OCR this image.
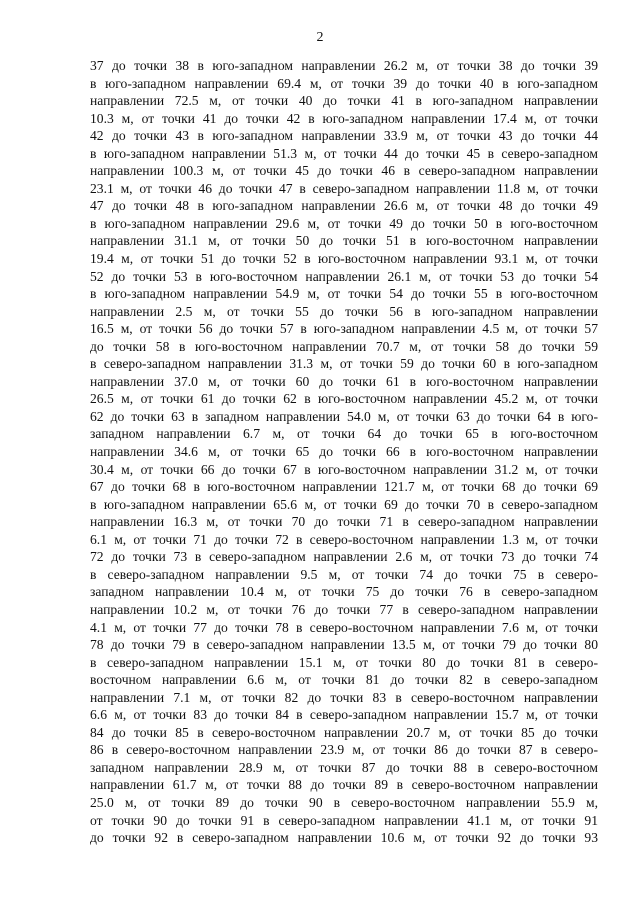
2
37 до точки 38 в юго-западном направлении 26.2 м, от точки 38 до точки 39
в юго-западном направлении 69.4 м, от точки 39 до точки 40 в юго-западном
направлении 72.5 м, от точки 40 до точки 41 в юго-западном направлении
10.3 м, от точки 41 до точки 42 в юго-западном направлении 17.4 м, от точки
42 до точки 43 в юго-западном направлении 33.9 м, от точки 43 до точки 44
в юго-западном направлении 51.3 м, от точки 44 до точки 45 в северо-западном
направлении 100.3 м, от точки 45 до точки 46 в северо-западном направлении
23.1 м, от точки 46 до точки 47 в северо-западном направлении 11.8 м, от точки
47 до точки 48 в юго-западном направлении 26.6 м, от точки 48 до точки 49
в юго-западном направлении 29.6 м, от точки 49 до точки 50 в юго-восточном
направлении 31.1 м, от точки 50 до точки 51 в юго-восточном направлении
19.4 м, от точки 51 до точки 52 в юго-восточном направлении 93.1 м, от точки
52 до точки 53 в юго-восточном направлении 26.1 м, от точки 53 до точки 54
в юго-западном направлении 54.9 м, от точки 54 до точки 55 в юго-восточном
направлении 2.5 м, от точки 55 до точки 56 в юго-западном направлении
16.5 м, от точки 56 до точки 57 в юго-западном направлении 4.5 м, от точки 57
до точки 58 в юго-восточном направлении 70.7 м, от точки 58 до точки 59
в северо-западном направлении 31.3 м, от точки 59 до точки 60 в юго-западном
направлении 37.0 м, от точки 60 до точки 61 в юго-восточном направлении
26.5 м, от точки 61 до точки 62 в юго-восточном направлении 45.2 м, от точки
62 до точки 63 в западном направлении 54.0 м, от точки 63 до точки 64 в юго-
западном направлении 6.7 м, от точки 64 до точки 65 в юго-восточном
направлении 34.6 м, от точки 65 до точки 66 в юго-восточном направлении
30.4 м, от точки 66 до точки 67 в юго-восточном направлении 31.2 м, от точки
67 до точки 68 в юго-восточном направлении 121.7 м, от точки 68 до точки 69
в юго-западном направлении 65.6 м, от точки 69 до точки 70 в северо-западном
направлении 16.3 м, от точки 70 до точки 71 в северо-западном направлении
6.1 м, от точки 71 до точки 72 в северо-восточном направлении 1.3 м, от точки
72 до точки 73 в северо-западном направлении 2.6 м, от точки 73 до точки 74
в северо-западном направлении 9.5 м, от точки 74 до точки 75 в северо-
западном направлении 10.4 м, от точки 75 до точки 76 в северо-западном
направлении 10.2 м, от точки 76 до точки 77 в северо-западном направлении
4.1 м, от точки 77 до точки 78 в северо-восточном направлении 7.6 м, от точки
78 до точки 79 в северо-западном направлении 13.5 м, от точки 79 до точки 80
в северо-западном направлении 15.1 м, от точки 80 до точки 81 в северо-
восточном направлении 6.6 м, от точки 81 до точки 82 в северо-западном
направлении 7.1 м, от точки 82 до точки 83 в северо-восточном направлении
6.6 м, от точки 83 до точки 84 в северо-западном направлении 15.7 м, от точки
84 до точки 85 в северо-восточном направлении 20.7 м, от точки 85 до точки
86 в северо-восточном направлении 23.9 м, от точки 86 до точки 87 в северо-
западном направлении 28.9 м, от точки 87 до точки 88 в северо-восточном
направлении 61.7 м, от точки 88 до точки 89 в северо-восточном направлении
25.0 м, от точки 89 до точки 90 в северо-восточном направлении 55.9 м,
от точки 90 до точки 91 в северо-западном направлении 41.1 м, от точки 91
до точки 92 в северо-западном направлении 10.6 м, от точки 92 до точки 93
